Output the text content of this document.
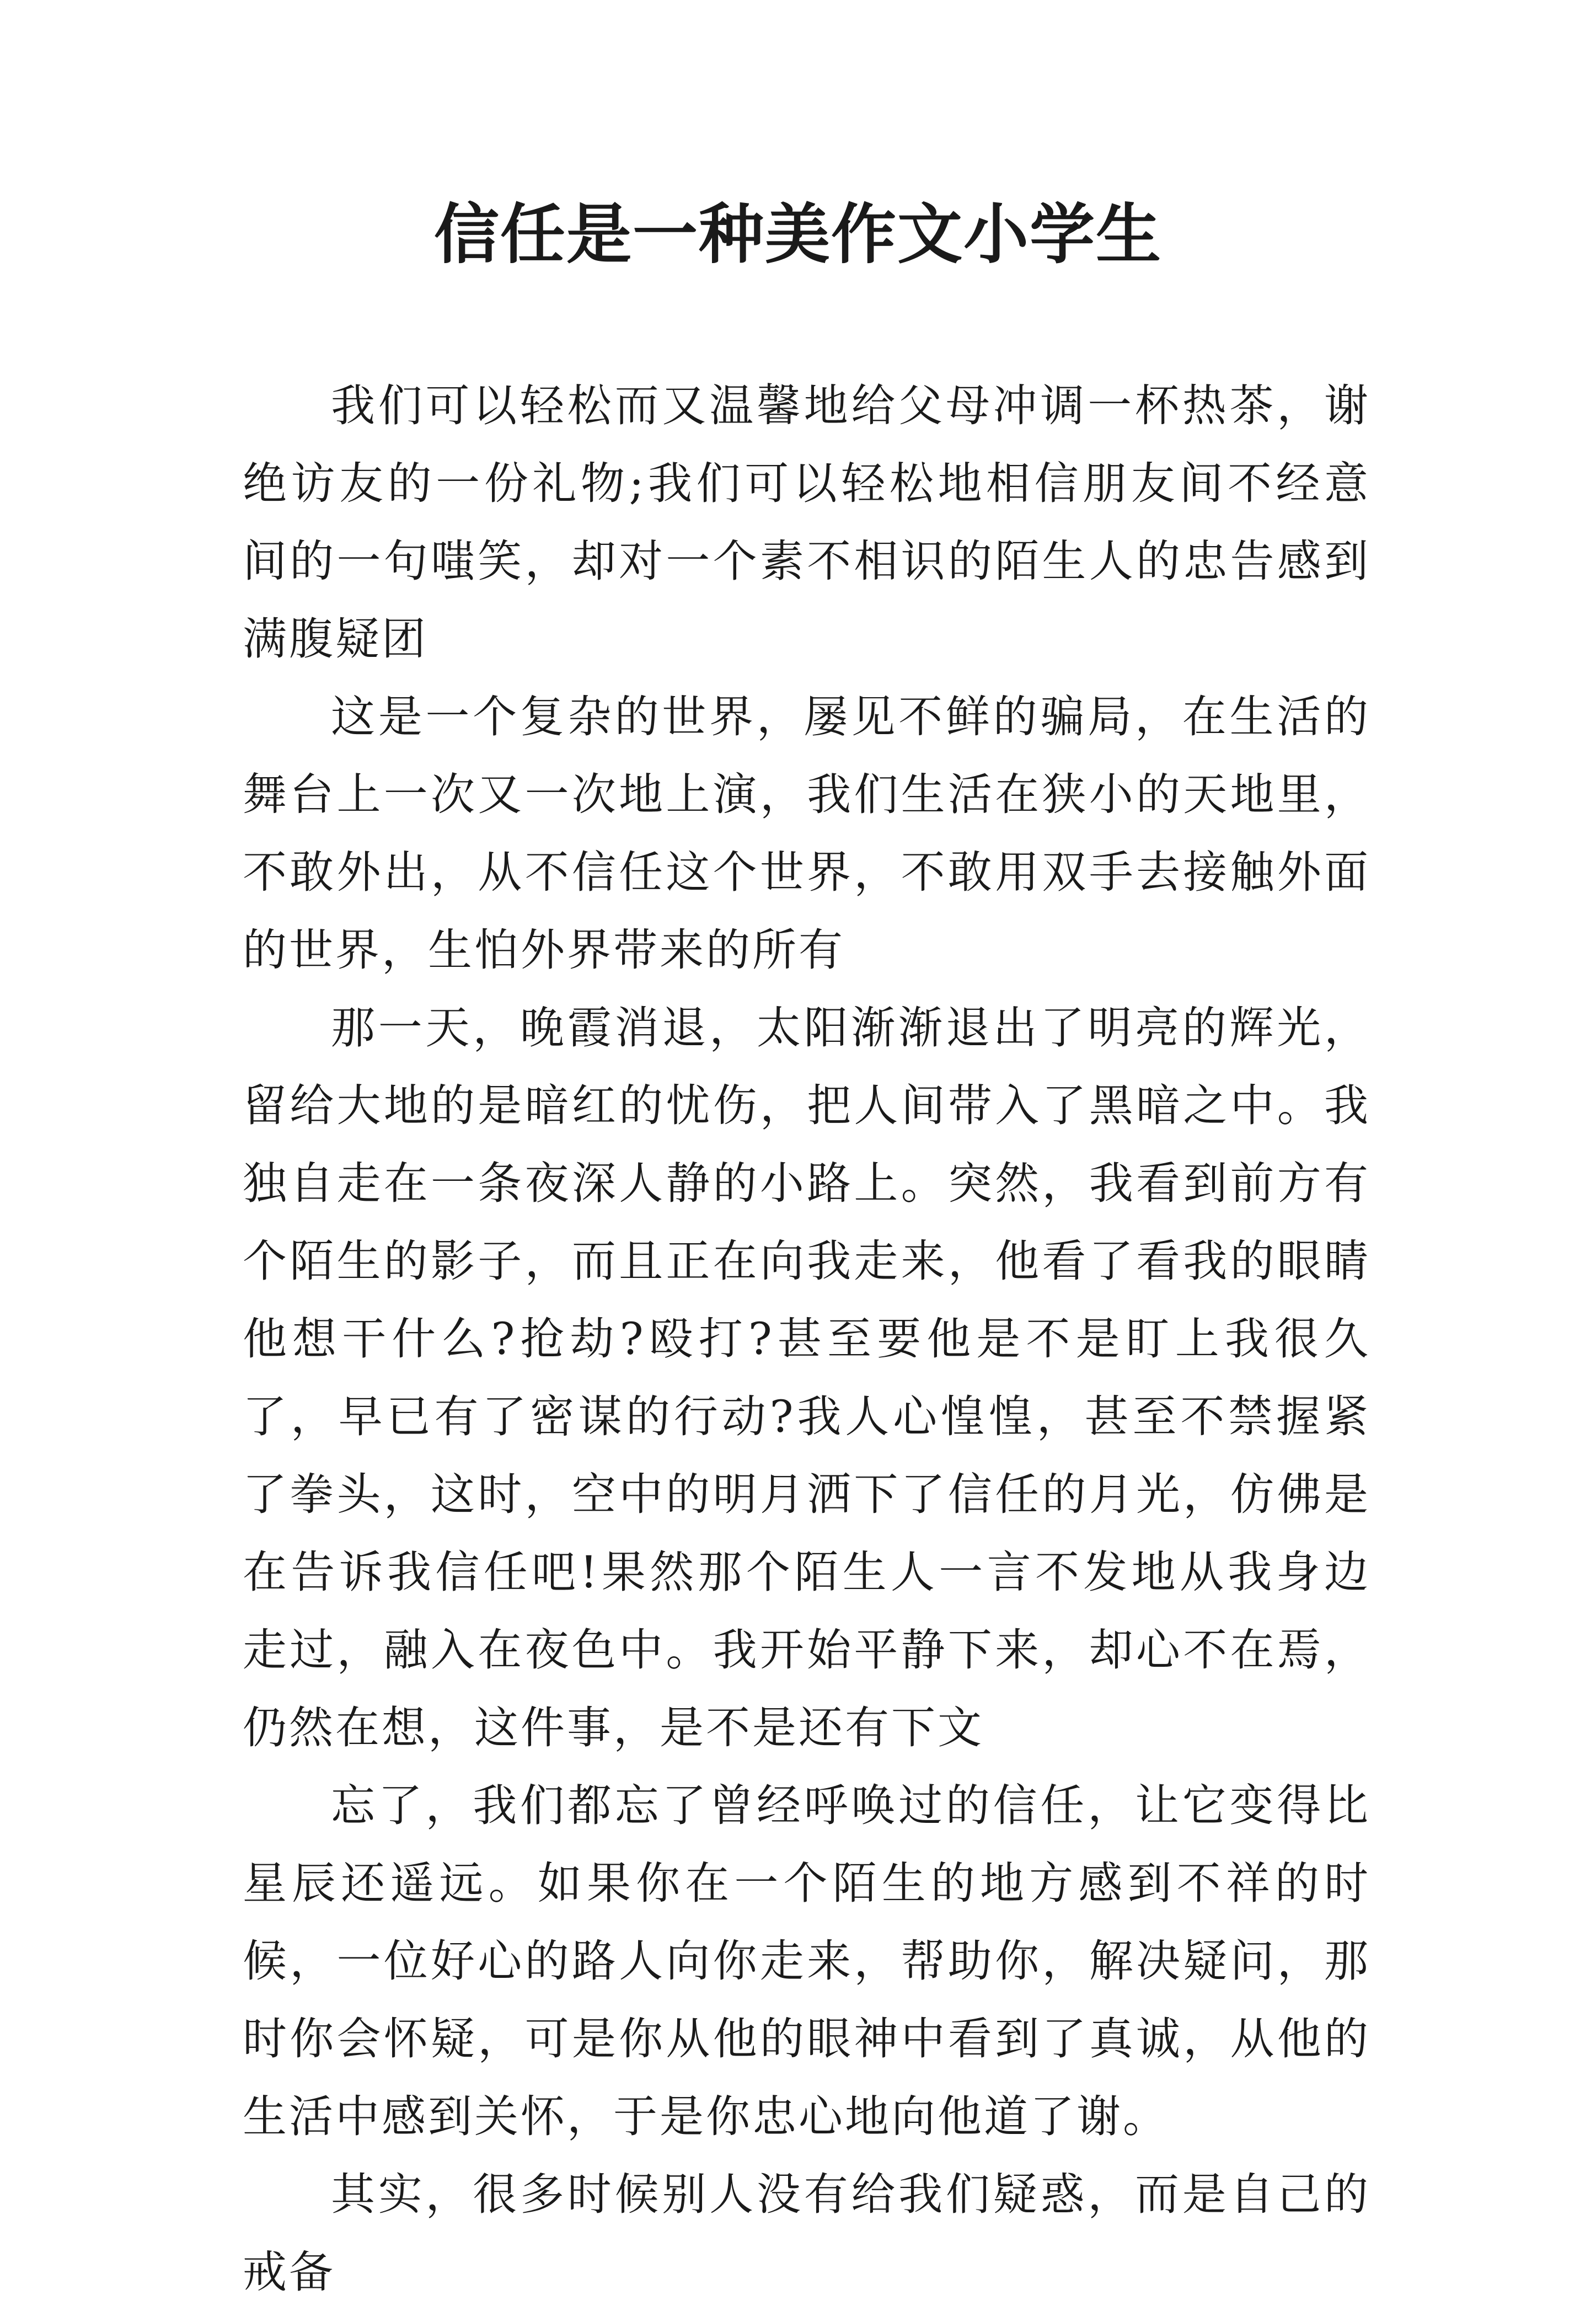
信任是一种美作文小学生

我们可以轻松而又温馨地给父母冲调一杯热茶，谢绝访友的一份礼物;我们可以轻松地相信朋友间不经意间的一句嗤笑，却对一个素不相识的陌生人的忠告感到满腹疑团

这是一个复杂的世界，屡见不鲜的骗局，在生活的舞台上一次又一次地上演，我们生活在狭小的天地里，不敢外出，从不信任这个世界，不敢用双手去接触外面的世界，生怕外界带来的所有

那一天，晚霞消退，太阳渐渐退出了明亮的辉光，留给大地的是暗红的忧伤，把人间带入了黑暗之中。我独自走在一条夜深人静的小路上。突然，我看到前方有个陌生的影子，而且正在向我走来，他看了看我的眼睛他想干什么?抢劫?殴打?甚至要他是不是盯上我很久了，早已有了密谋的行动?我人心惶惶，甚至不禁握紧了拳头，这时，空中的明月洒下了信任的月光，仿佛是在告诉我信任吧!果然那个陌生人一言不发地从我身边走过，融入在夜色中。我开始平静下来，却心不在焉，仍然在想，这件事，是不是还有下文

忘了，我们都忘了曾经呼唤过的信任，让它变得比星辰还遥远。如果你在一个陌生的地方感到不祥的时候，一位好心的路人向你走来，帮助你，解决疑问，那时你会怀疑，可是你从他的眼神中看到了真诚，从他的生活中感到关怀，于是你忠心地向他道了谢。

其实，很多时候别人没有给我们疑惑，而是自己的戒备
